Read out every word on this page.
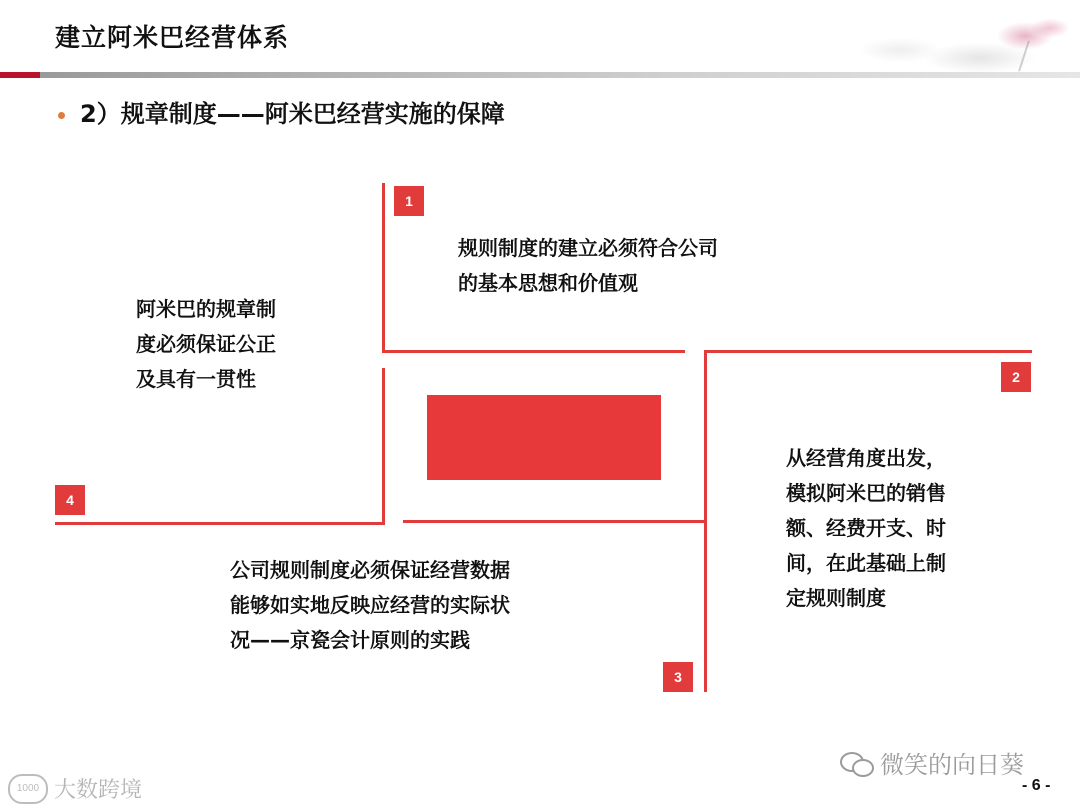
建立阿米巴经营体系
2）规章制度——阿米巴经营实施的保障
1
2
3
4
规则制度的建立必须符合公司
的基本思想和价值观
从经营角度出发，
模拟阿米巴的销售
额、经费开支、时
间，在此基础上制
定规则制度
公司规则制度必须保证经营数据
能够如实地反映应经营的实际状
况——京瓷会计原则的实践
阿米巴的规章制
度必须保证公正
及具有一贯性
微笑的向日葵
1000 大数跨境	- 6 -
